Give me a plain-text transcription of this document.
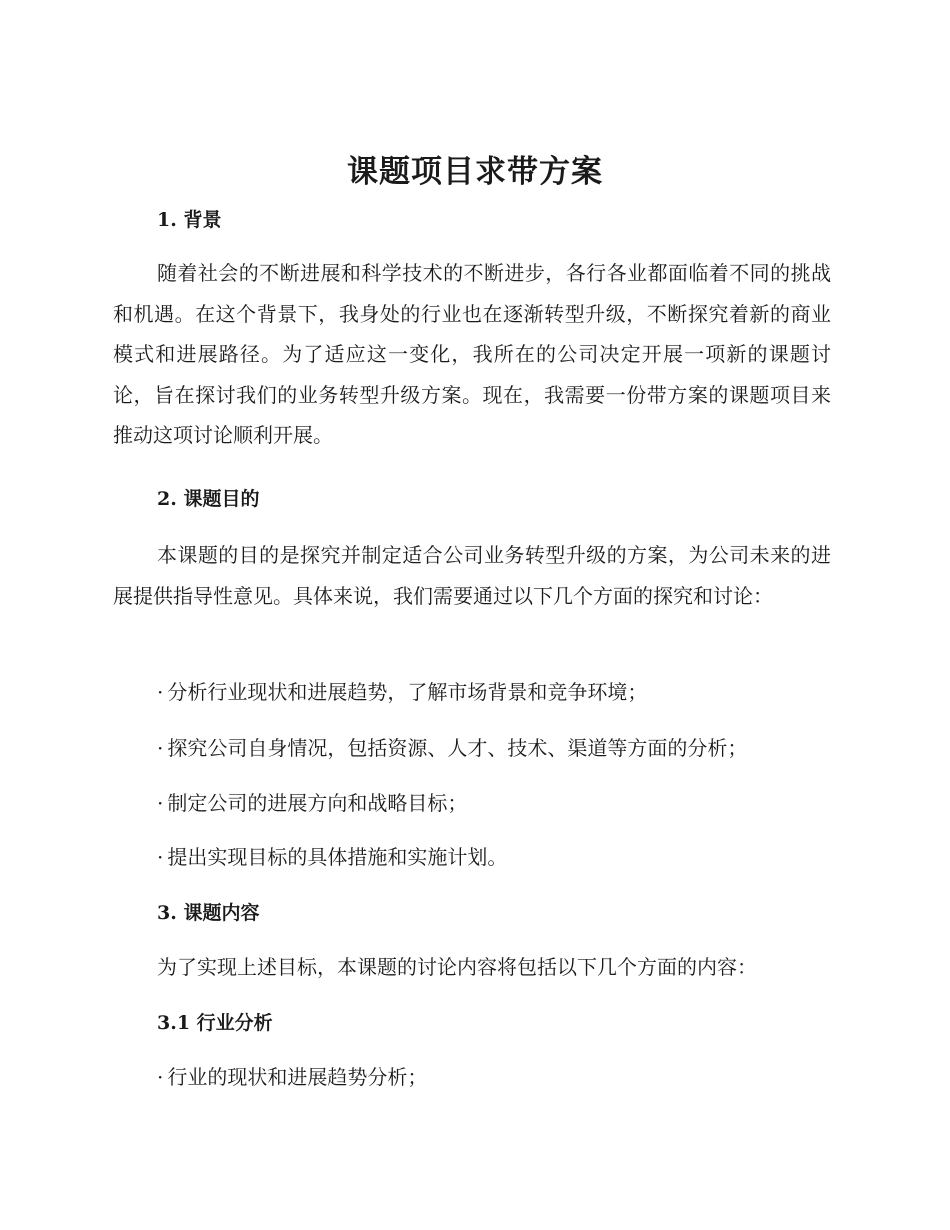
课题项目求带方案
1. 背景

随着社会的不断进展和科学技术的不断进步，各行各业都面临着不同的挑战和机遇。在这个背景下，我身处的行业也在逐渐转型升级，不断探究着新的商业模式和进展路径。为了适应这一变化，我所在的公司决定开展一项新的课题讨论，旨在探讨我们的业务转型升级方案。现在，我需要一份带方案的课题项目来推动这项讨论顺利开展。

2. 课题目的

本课题的目的是探究并制定适合公司业务转型升级的方案，为公司未来的进展提供指导性意见。具体来说，我们需要通过以下几个方面的探究和讨论：

· 分析行业现状和进展趋势，了解市场背景和竞争环境；
· 探究公司自身情况，包括资源、人才、技术、渠道等方面的分析；
· 制定公司的进展方向和战略目标；
· 提出实现目标的具体措施和实施计划。
3. 课题内容

为了实现上述目标，本课题的讨论内容将包括以下几个方面的内容：

3.1 行业分析
· 行业的现状和进展趋势分析；
